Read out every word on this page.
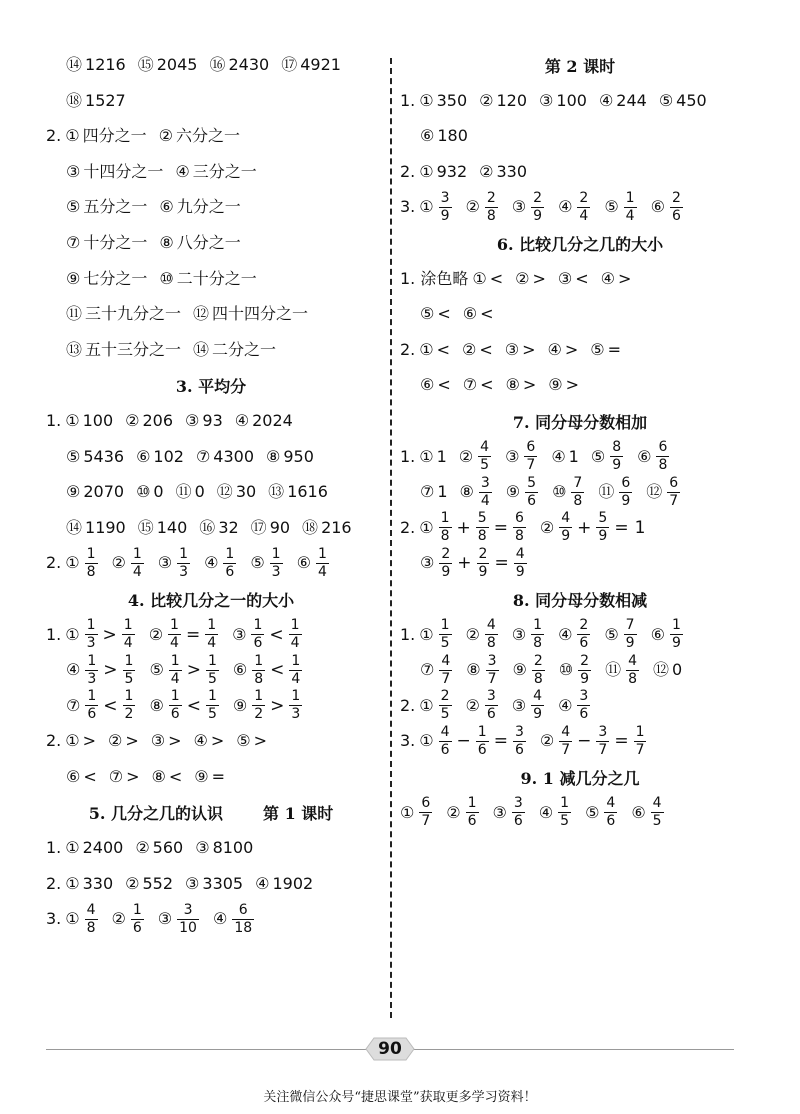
⑭ 1216 ⑮ 2045 ⑯ 2430 ⑰ 4921
⑱ 1527
2. ① 四分之一 ② 六分之一
③ 十四分之一 ④ 三分之一
⑤ 五分之一 ⑥ 九分之一
⑦ 十分之一 ⑧ 八分之一
⑨ 七分之一 ⑩ 二十分之一
⑪ 三十九分之一 ⑫ 四十四分之一
⑬ 五十三分之一 ⑭ 二分之一
3. 平均分
1. ① 100 ② 206 ③ 93 ④ 2024
⑤ 5436 ⑥ 102 ⑦ 4300 ⑧ 950
⑨ 2070 ⑩ 0 ⑪ 0 ⑫ 30 ⑬ 1616
⑭ 1190 ⑮ 140 ⑯ 32 ⑰ 90 ⑱ 216
2. ① $\frac{1}{8}$ ② $\frac{1}{4}$ ③ $\frac{1}{3}$ ④ $\frac{1}{6}$ ⑤ $\frac{1}{3}$ ⑥ $\frac{1}{4}$
4. 比较几分之一的大小
1. ① $\frac{1}{3} > \frac{1}{4}$ ② $\frac{1}{4} = \frac{1}{4}$ ③ $\frac{1}{6} < \frac{1}{4}$
④ $\frac{1}{3} > \frac{1}{5}$ ⑤ $\frac{1}{4} > \frac{1}{5}$ ⑥ $\frac{1}{8} < \frac{1}{4}$
⑦ $\frac{1}{6} < \frac{1}{2}$ ⑧ $\frac{1}{6} < \frac{1}{5}$ ⑨ $\frac{1}{2} > \frac{1}{3}$
2. ① > ② > ③ > ④ > ⑤ >
⑥ < ⑦ > ⑧ < ⑨ =
5. 几分之几的认识	第 1 课时
1. ① 2400 ② 560 ③ 8100
2. ① 330 ② 552 ③ 3305 ④ 1902
3. ① $\frac{4}{8}$ ② $\frac{1}{6}$ ③ $\frac{3}{10}$ ④ $\frac{6}{18}$
第 2 课时
1. ① 350 ② 120 ③ 100 ④ 244 ⑤ 450
⑥ 180
2. ① 932 ② 330
3. ① $\frac{3}{9}$ ② $\frac{2}{8}$ ③ $\frac{2}{9}$ ④ $\frac{2}{4}$ ⑤ $\frac{1}{4}$ ⑥ $\frac{2}{6}$
6. 比较几分之几的大小
1. 涂色略 ① < ② > ③ < ④ >
⑤ < ⑥ <
2. ① < ② < ③ > ④ > ⑤ =
⑥ < ⑦ < ⑧ > ⑨ >
7. 同分母分数相加
1. ① 1 ② $\frac{4}{5}$ ③ $\frac{6}{7}$ ④ 1 ⑤ $\frac{8}{9}$ ⑥ $\frac{6}{8}$
⑦ 1 ⑧ $\frac{3}{4}$ ⑨ $\frac{5}{6}$ ⑩ $\frac{7}{8}$ ⑪ $\frac{6}{9}$ ⑫ $\frac{6}{7}$
2. ① $\frac{1}{8} + \frac{5}{8} = \frac{6}{8}$ ② $\frac{4}{9} + \frac{5}{9} = 1$
③ $\frac{2}{9} + \frac{2}{9} = \frac{4}{9}$
8. 同分母分数相减
1. ① $\frac{1}{5}$ ② $\frac{4}{8}$ ③ $\frac{1}{8}$ ④ $\frac{2}{6}$ ⑤ $\frac{7}{9}$ ⑥ $\frac{1}{9}$
⑦ $\frac{4}{7}$ ⑧ $\frac{3}{7}$ ⑨ $\frac{2}{8}$ ⑩ $\frac{2}{9}$ ⑪ $\frac{4}{8}$ ⑫ 0
2. ① $\frac{2}{5}$ ② $\frac{3}{6}$ ③ $\frac{4}{9}$ ④ $\frac{3}{6}$
3. ① $\frac{4}{6} - \frac{1}{6} = \frac{3}{6}$ ② $\frac{4}{7} - \frac{3}{7} = \frac{1}{7}$
9. 1 减几分之几
① $\frac{6}{7}$ ② $\frac{1}{6}$ ③ $\frac{3}{6}$ ④ $\frac{1}{5}$ ⑤ $\frac{4}{6}$ ⑥ $\frac{4}{5}$
90
关注微信公众号“捷思课堂”获取更多学习资料！
